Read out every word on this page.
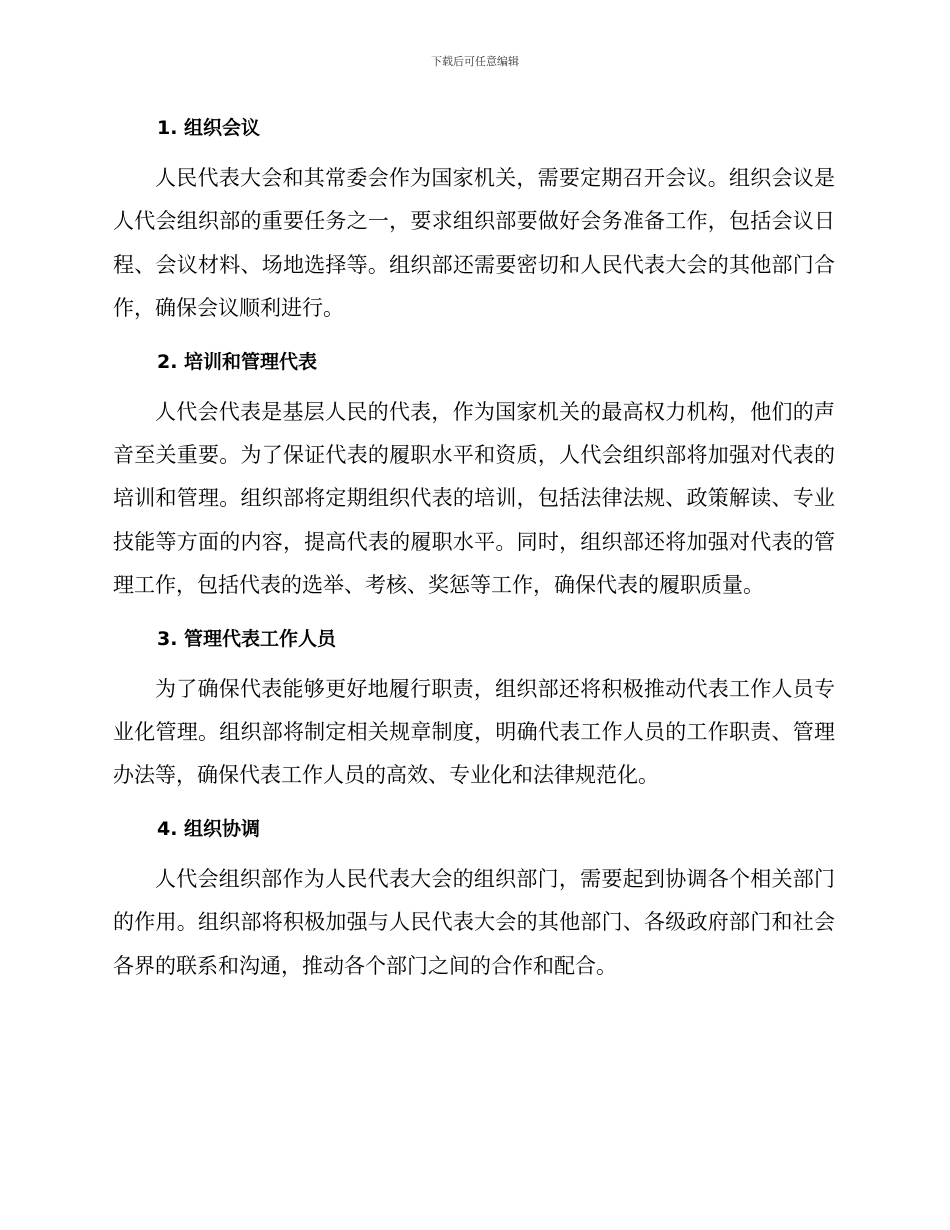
下载后可任意编辑
1. 组织会议

人民代表大会和其常委会作为国家机关，需要定期召开会议。组织会议是人代会组织部的重要任务之一，要求组织部要做好会务准备工作，包括会议日程、会议材料、场地选择等。组织部还需要密切和人民代表大会的其他部门合作，确保会议顺利进行。

2. 培训和管理代表

人代会代表是基层人民的代表，作为国家机关的最高权力机构，他们的声音至关重要。为了保证代表的履职水平和资质，人代会组织部将加强对代表的培训和管理。组织部将定期组织代表的培训，包括法律法规、政策解读、专业技能等方面的内容，提高代表的履职水平。同时，组织部还将加强对代表的管理工作，包括代表的选举、考核、奖惩等工作，确保代表的履职质量。

3. 管理代表工作人员

为了确保代表能够更好地履行职责，组织部还将积极推动代表工作人员专业化管理。组织部将制定相关规章制度，明确代表工作人员的工作职责、管理办法等，确保代表工作人员的高效、专业化和法律规范化。

4. 组织协调

人代会组织部作为人民代表大会的组织部门，需要起到协调各个相关部门的作用。组织部将积极加强与人民代表大会的其他部门、各级政府部门和社会各界的联系和沟通，推动各个部门之间的合作和配合。
